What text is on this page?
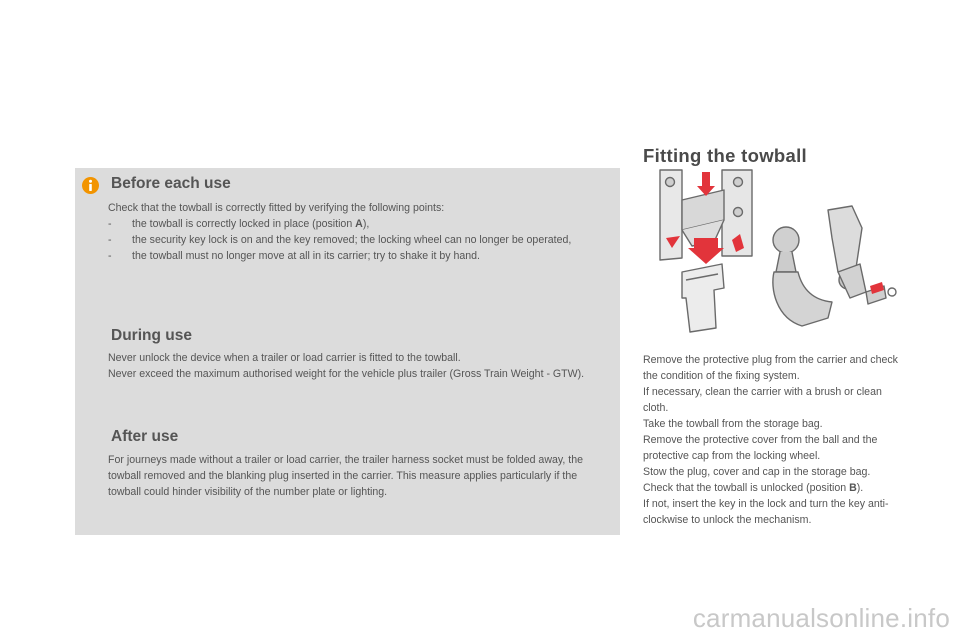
Before each use

Check that the towball is correctly fitted by verifying the following points:

- the towball is correctly locked in place (position A),
- the security key lock is on and the key removed; the locking wheel can no longer be operated,
- the towball must no longer move at all in its carrier; try to shake it by hand.
During use

Never unlock the device when a trailer or load carrier is fitted to the towball.
Never exceed the maximum authorised weight for the vehicle plus trailer (Gross Train Weight - GTW).

After use

For journeys made without a trailer or load carrier, the trailer harness socket must be folded away, the towball removed and the blanking plug inserted in the carrier. This measure applies particularly if the towball could hinder visibility of the number plate or lighting.

Fitting the towball
Remove the protective plug from the carrier and check the condition of the fixing system.
If necessary, clean the carrier with a brush or clean cloth.
Take the towball from the storage bag.
Remove the protective cover from the ball and the protective cap from the locking wheel.
Stow the plug, cover and cap in the storage bag.
Check that the towball is unlocked (position B).
If not, insert the key in the lock and turn the key anti-clockwise to unlock the mechanism.
carmanualsonline.info
